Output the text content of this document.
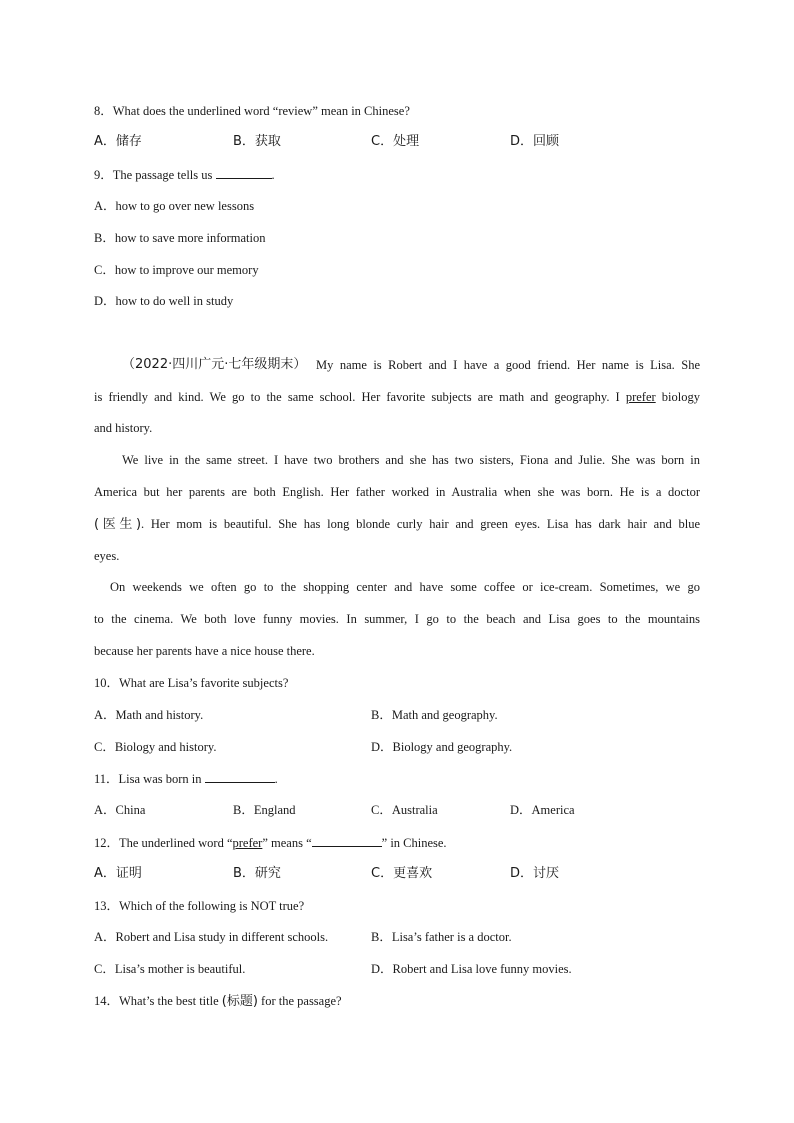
8．What does the underlined word “review” mean in Chinese?
A．储存	B．获取	C．处理	D．回顾
9．The passage tells us	.
A．how to go over new lessons
B．how to save more information
C．how to improve our memory
D．how to do well in study
（2022·四川广元·七年级期末） My name is Robert and I have a good friend. Her name is Lisa. She
is friendly and kind. We go to the same school. Her favorite subjects are math and geography. I prefer biology
and history.
We live in the same street. I have two brothers and she has two sisters, Fiona and Julie. She was born in
America but her parents are both English. Her father worked in Australia when she was born. He is a doctor
(医生). Her mom is beautiful. She has long blonde curly hair and green eyes. Lisa has dark hair and blue
eyes.
On weekends we often go to the shopping center and have some coffee or ice-cream. Sometimes, we go
to the cinema. We both love funny movies. In summer, I go to the beach and Lisa goes to the mountains
because her parents have a nice house there.
10．What are Lisa’s favorite subjects?
A．Math and history.	B．Math and geography.
C．Biology and history.	D．Biology and geography.
11．Lisa was born in	.
A．China	B．England	C．Australia	D．America
12．The underlined word “prefer” means “	” in Chinese.
A．证明	B．研究	C．更喜欢	D．讨厌
13．Which of the following is NOT true?
A．Robert and Lisa study in different schools.	B．Lisa’s father is a doctor.
C．Lisa’s mother is beautiful.	D．Robert and Lisa love funny movies.
14．What’s the best title (标题) for the passage?
